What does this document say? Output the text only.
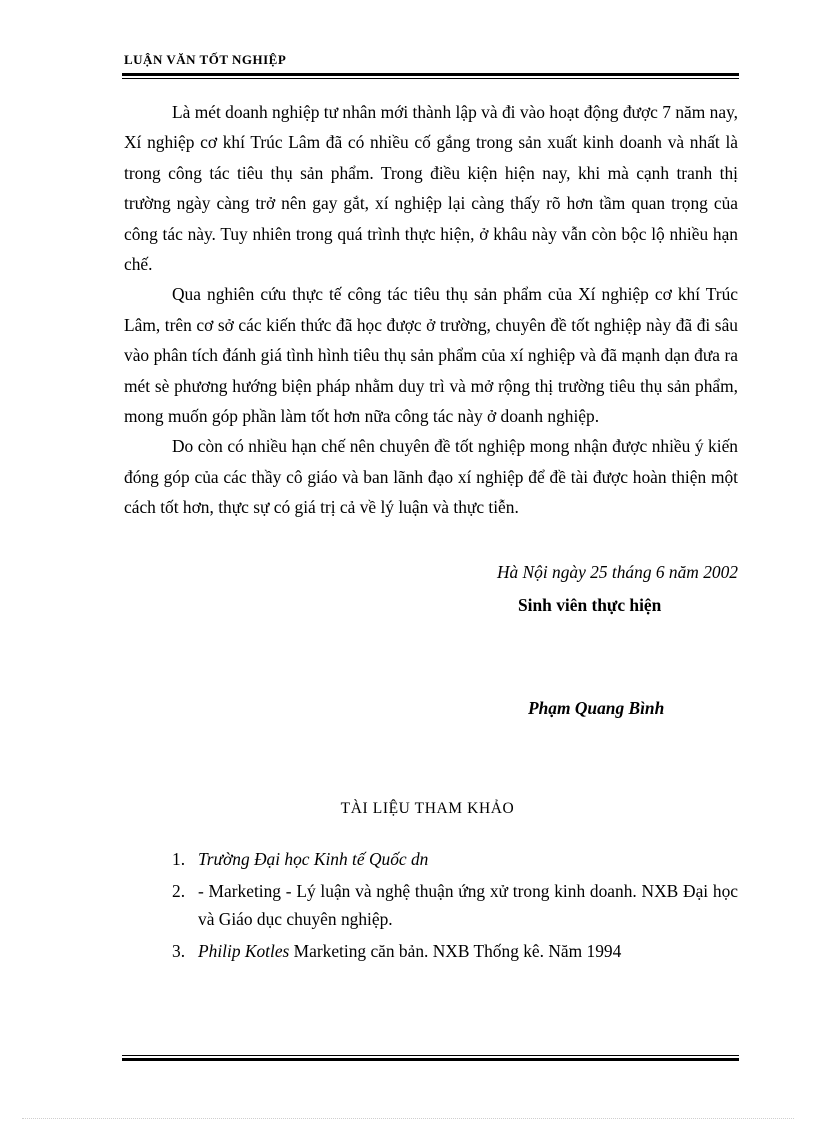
LUẬN VĂN TỐT NGHIỆP

Là mét doanh nghiệp tư nhân mới thành lập và đi vào hoạt động được 7 năm nay, Xí nghiệp cơ khí Trúc Lâm đã có nhiều cố gắng trong sản xuất kinh doanh và nhất là trong công tác tiêu thụ sản phẩm. Trong điều kiện hiện nay, khi mà cạnh tranh thị trường ngày càng trở nên gay gắt, xí nghiệp lại càng thấy rõ hơn tầm quan trọng của công tác này. Tuy nhiên trong quá trình thực hiện, ở khâu này vẫn còn bộc lộ nhiều hạn chế.

Qua nghiên cứu thực tế công tác tiêu thụ sản phẩm của Xí nghiệp cơ khí Trúc Lâm, trên cơ sở các kiến thức đã học được ở trường, chuyên đề tốt nghiệp này đã đi sâu vào phân tích đánh giá tình hình tiêu thụ sản phẩm của xí nghiệp và đã mạnh dạn đưa ra mét sè phương hướng biện pháp nhằm duy trì và mở rộng thị trường tiêu thụ sản phẩm, mong muốn góp phần làm tốt hơn nữa công tác này ở doanh nghiệp.

Do còn có nhiều hạn chế nên chuyên đề tốt nghiệp mong nhận được nhiều ý kiến đóng góp của các thầy cô giáo và ban lãnh đạo xí nghiệp để đề tài được hoàn thiện một cách tốt hơn, thực sự có giá trị cả về lý luận và thực tiễn.

Hà Nội ngày 25 tháng 6 năm 2002
Sinh viên thực hiện
Phạm Quang Bình
TÀI LIỆU THAM KHẢO
1. Trường Đại học Kinh tế Quốc dn
2. - Marketing - Lý luận và nghệ thuận ứng xử trong kinh doanh. NXB Đại học và Giáo dục chuyên nghiệp.
3. Philip Kotles Marketing căn bản. NXB Thống kê. Năm 1994
